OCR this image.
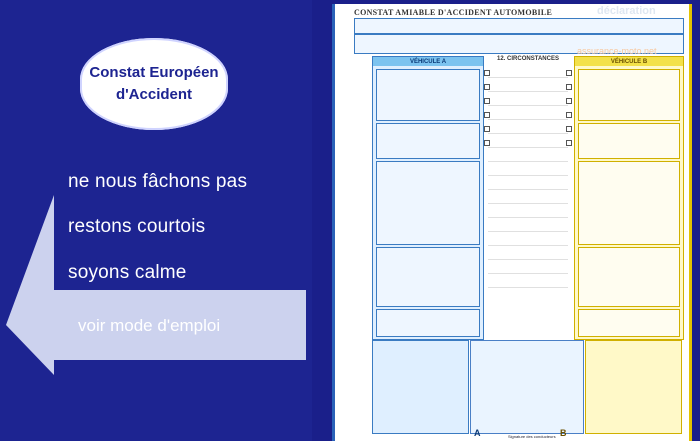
Constat Européen
d'Accident
ne nous fâchons pas
restons courtois
soyons calme
voir mode d'emploi
CONSTAT AMIABLE D'ACCIDENT AUTOMOBILE	déclaration
assurance-moto.net
VÉHICULE A	12. CIRCONSTANCES	VÉHICULE B
Signature des conducteurs
A	B
